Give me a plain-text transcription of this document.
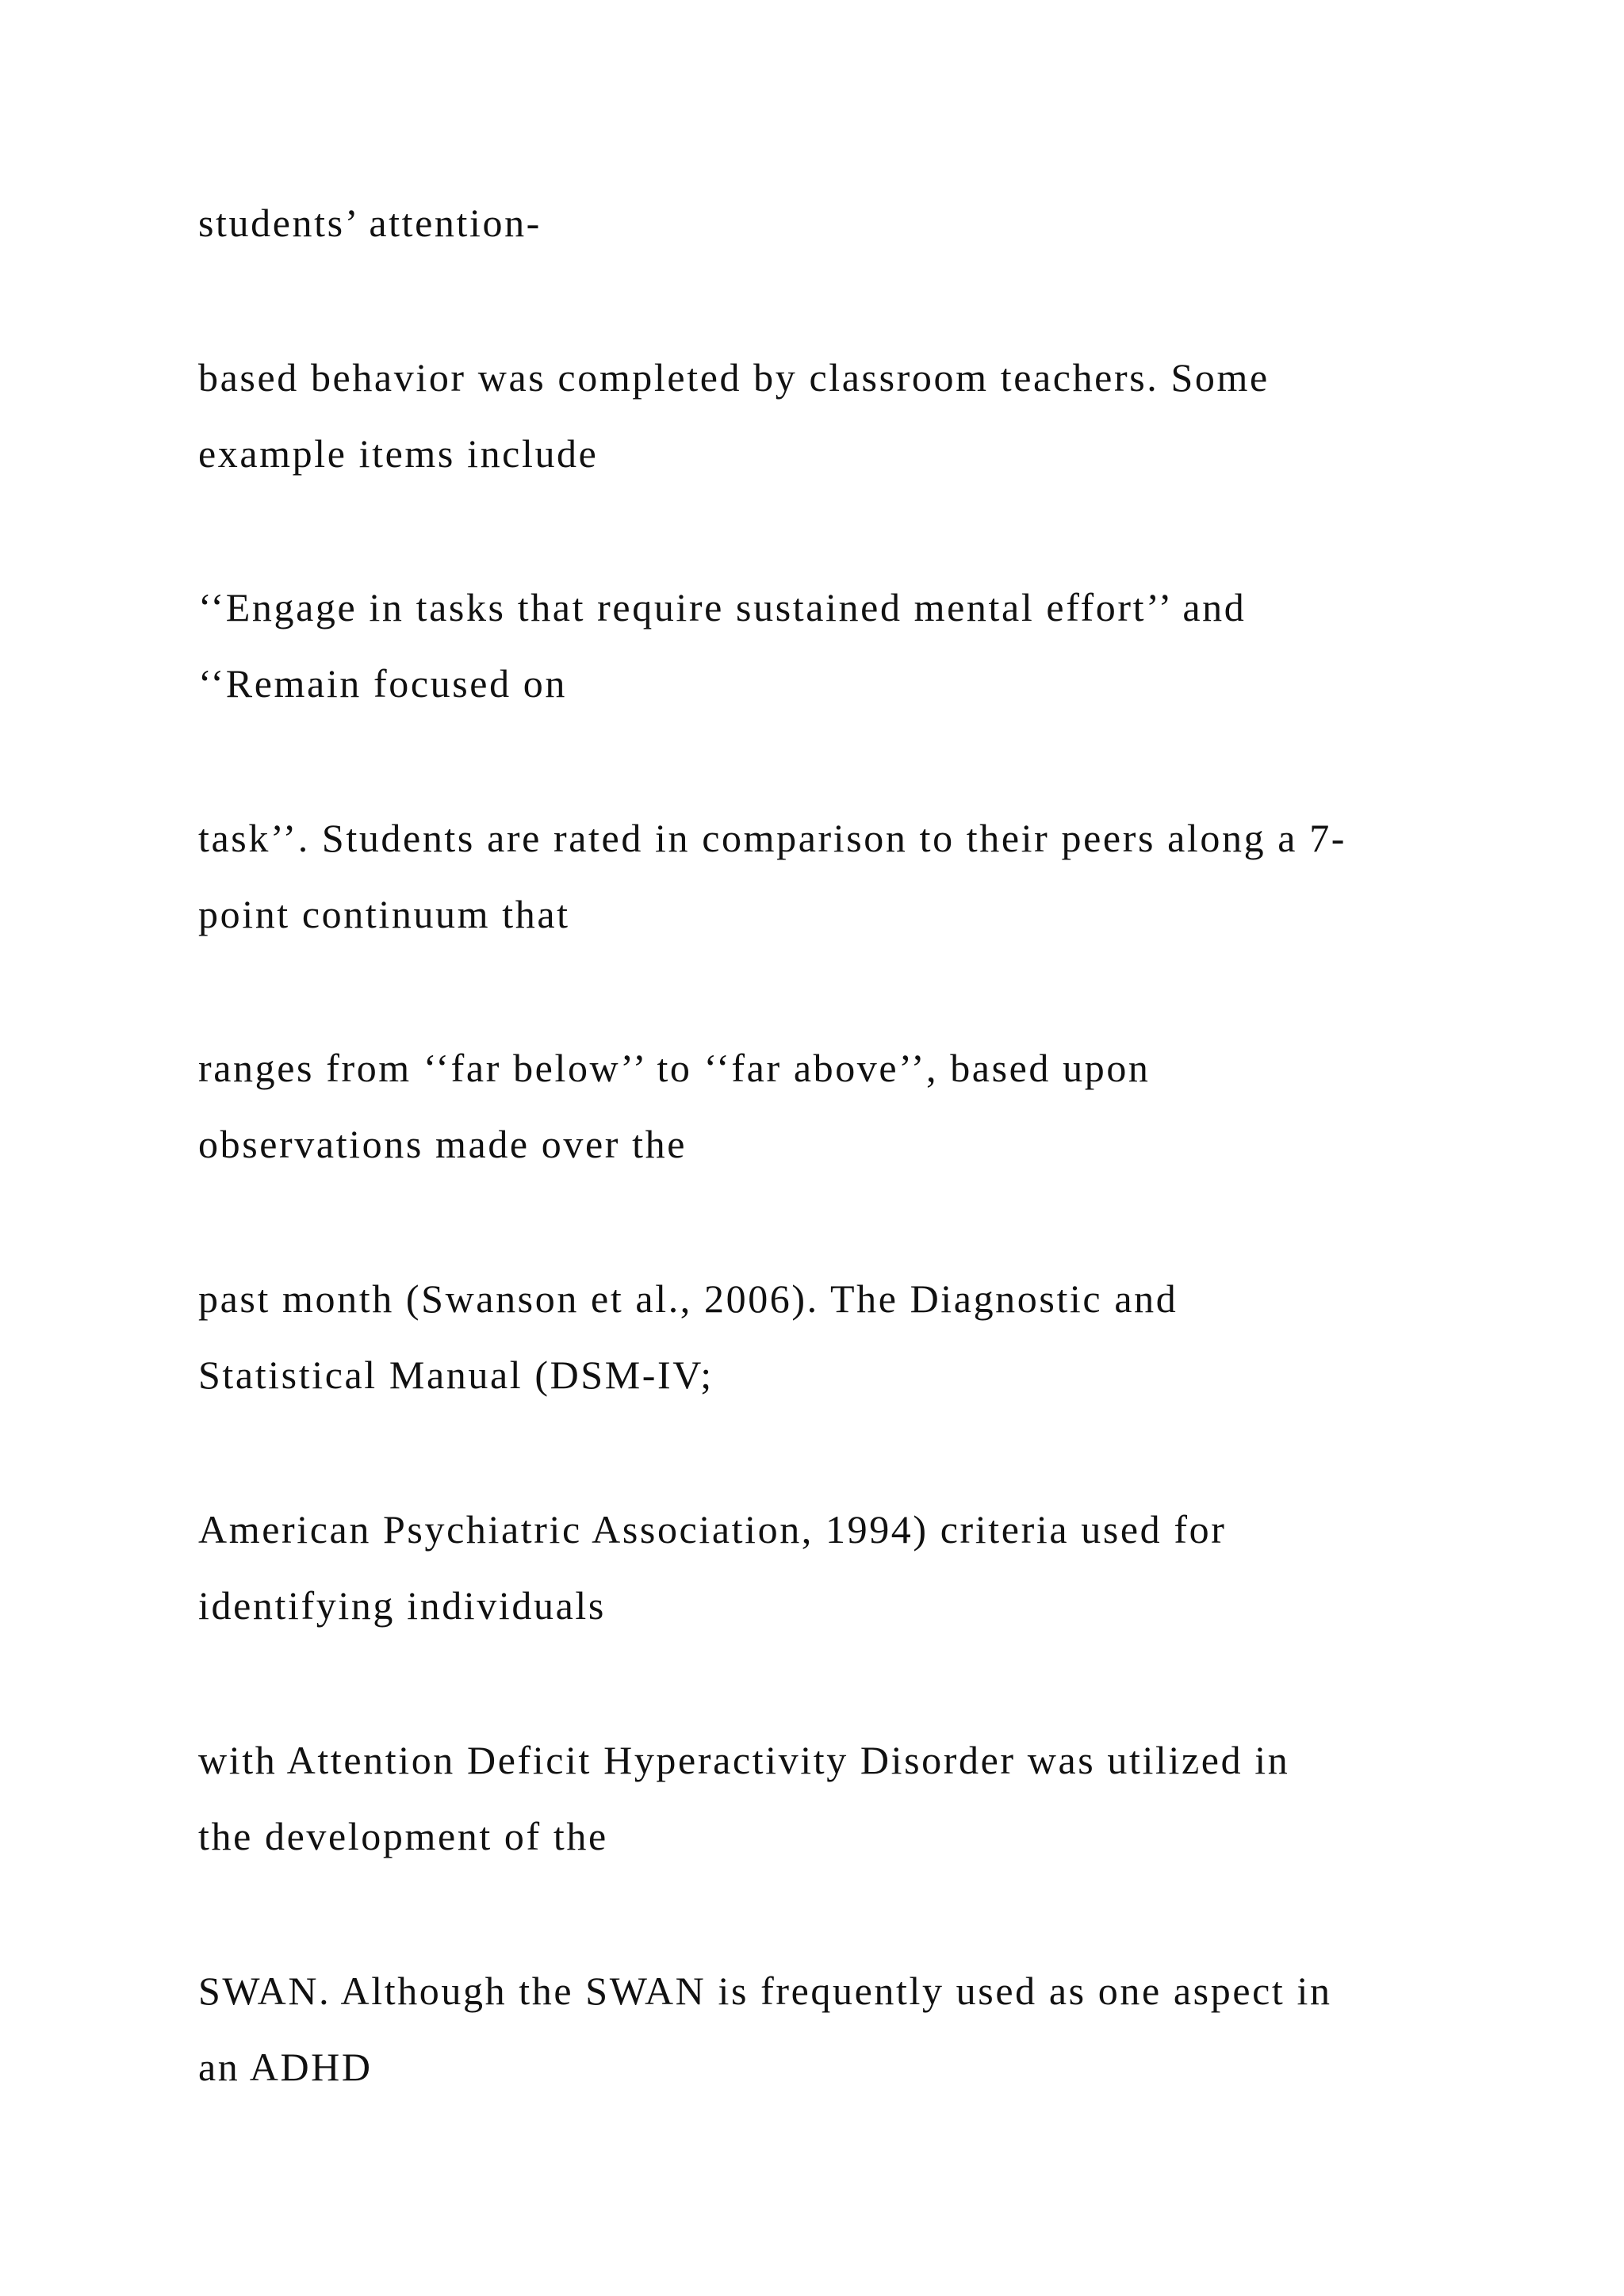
students’ attention-

based behavior was completed by classroom teachers. Some

example items include

‘‘Engage in tasks that require sustained mental effort’’ and

‘‘Remain focused on

task’’. Students are rated in comparison to their peers along a 7-

point continuum that

ranges from ‘‘far below’’ to ‘‘far above’’, based upon

observations made over the

past month (Swanson et al., 2006). The Diagnostic and

Statistical Manual (DSM-IV;

American Psychiatric Association, 1994) criteria used for

identifying individuals

with Attention Deficit Hyperactivity Disorder was utilized in

the development of the

SWAN. Although the SWAN is frequently used as one aspect in

an ADHD
